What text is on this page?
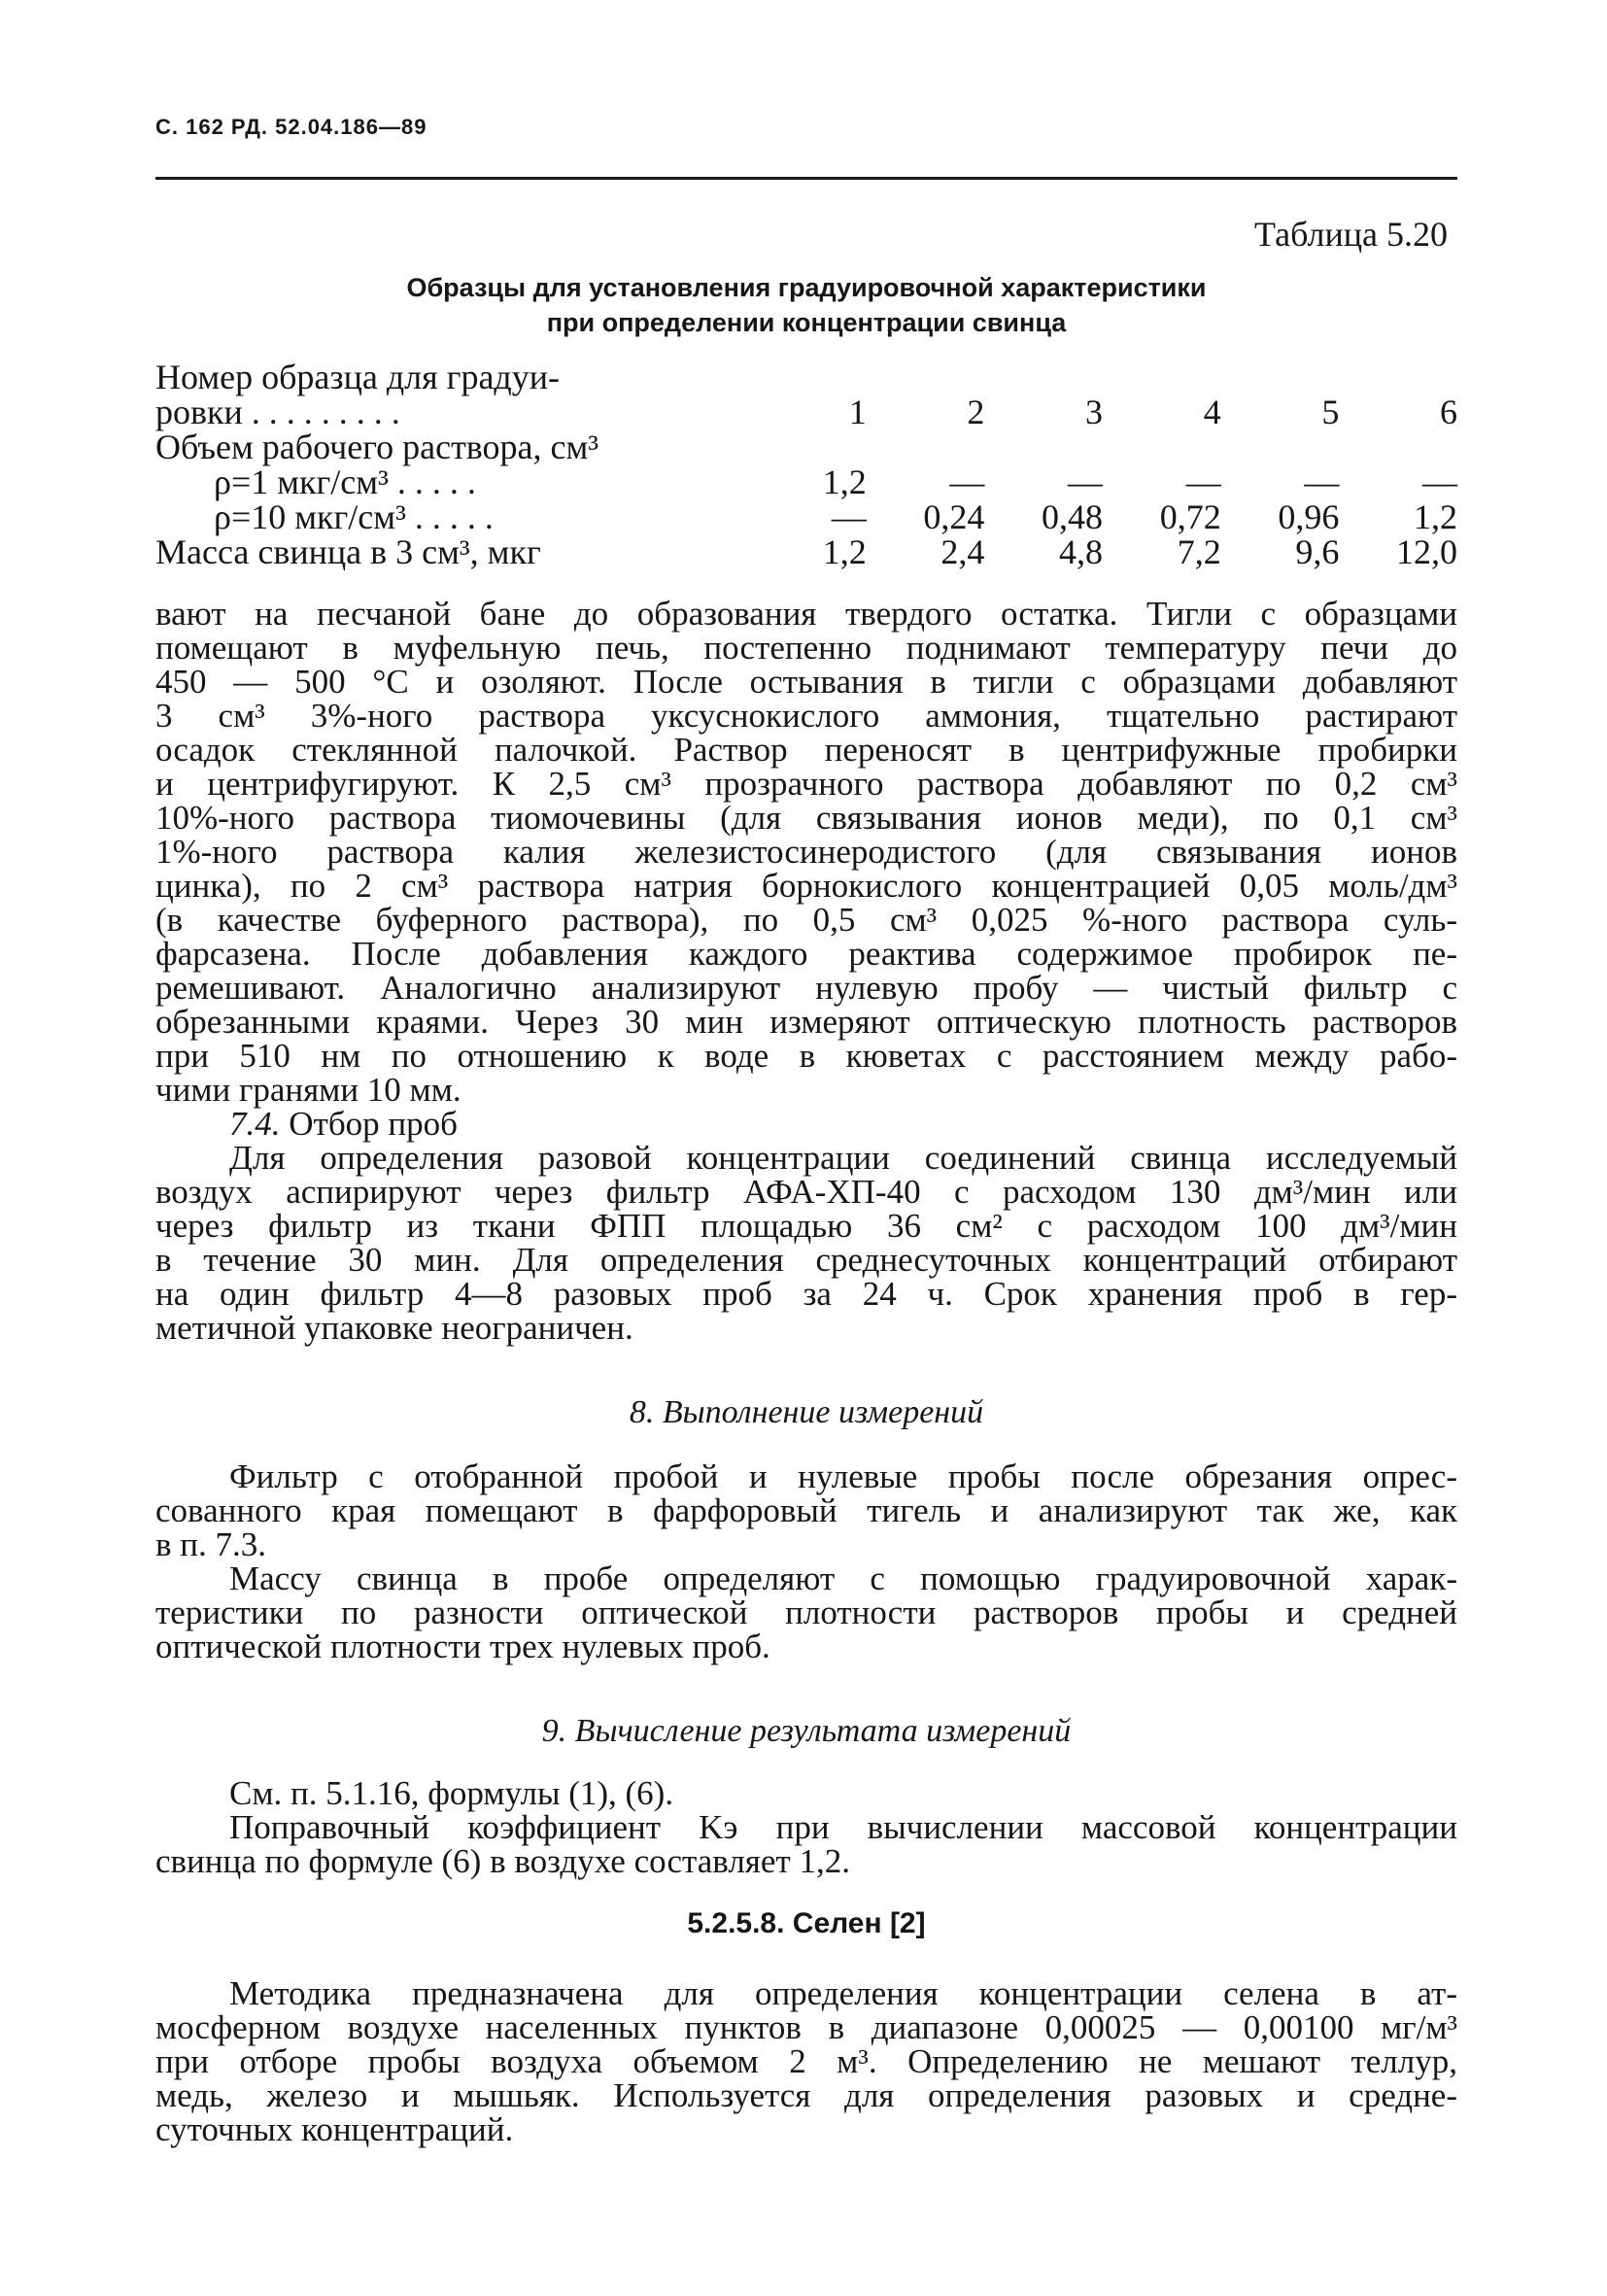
С. 162 РД. 52.04.186—89
Таблица 5.20
Образцы для установления градуировочной характеристики
при определении концентрации свинца
Номер образца для градуи-						
ровки . . . . . . . . .	1	2	3	4	5	6
Объем рабочего раствора, см³						
ρ=1 мкг/см³ . . . . .	1,2	—	—	—	—	—
ρ=10 мкг/см³ . . . . .	—	0,24	0,48	0,72	0,96	1,2
Масса свинца в 3 см³, мкг	1,2	2,4	4,8	7,2	9,6	12,0
вают на песчаной бане до образования твердого остатка. Тигли с образцами
помещают в муфельную печь, постепенно поднимают температуру печи до
450 — 500 °С и озоляют. После остывания в тигли с образцами добавляют
3 см³ 3%-ного раствора уксуснокислого аммония, тщательно растирают
осадок стеклянной палочкой. Раствор переносят в центрифужные пробирки
и центрифугируют. К 2,5 см³ прозрачного раствора добавляют по 0,2 см³
10%-ного раствора тиомочевины (для связывания ионов меди), по 0,1 см³
1%-ного раствора калия железистосинеродистого (для связывания ионов
цинка), по 2 см³ раствора натрия борнокислого концентрацией 0,05 моль/дм³
(в качестве буферного раствора), по 0,5 см³ 0,025 %-ного раствора суль-
фарсазена. После добавления каждого реактива содержимое пробирок пе-
ремешивают. Аналогично анализируют нулевую пробу — чистый фильтр с
обрезанными краями. Через 30 мин измеряют оптическую плотность растворов
при 510 нм по отношению к воде в кюветах с расстоянием между рабо-
чими гранями 10 мм.
7.4. Отбор проб
Для определения разовой концентрации соединений свинца исследуемый
воздух аспирируют через фильтр АФА-ХП-40 с расходом 130 дм³/мин или
через фильтр из ткани ФПП площадью 36 см² с расходом 100 дм³/мин
в течение 30 мин. Для определения среднесуточных концентраций отбирают
на один фильтр 4—8 разовых проб за 24 ч. Срок хранения проб в гер-
метичной упаковке неограничен.
8. Выполнение измерений
Фильтр с отобранной пробой и нулевые пробы после обрезания опрес-
сованного края помещают в фарфоровый тигель и анализируют так же, как
в п. 7.3.
Массу свинца в пробе определяют с помощью градуировочной харак-
теристики по разности оптической плотности растворов пробы и средней
оптической плотности трех нулевых проб.
9. Вычисление результата измерений
См. п. 5.1.16, формулы (1), (6).
Поправочный коэффициент Kэ при вычислении массовой концентрации
свинца по формуле (6) в воздухе составляет 1,2.
5.2.5.8. Селен [2]
Методика предназначена для определения концентрации селена в ат-
мосферном воздухе населенных пунктов в диапазоне 0,00025 — 0,00100 мг/м³
при отборе пробы воздуха объемом 2 м³. Определению не мешают теллур,
медь, железо и мышьяк. Используется для определения разовых и средне-
суточных концентраций.
